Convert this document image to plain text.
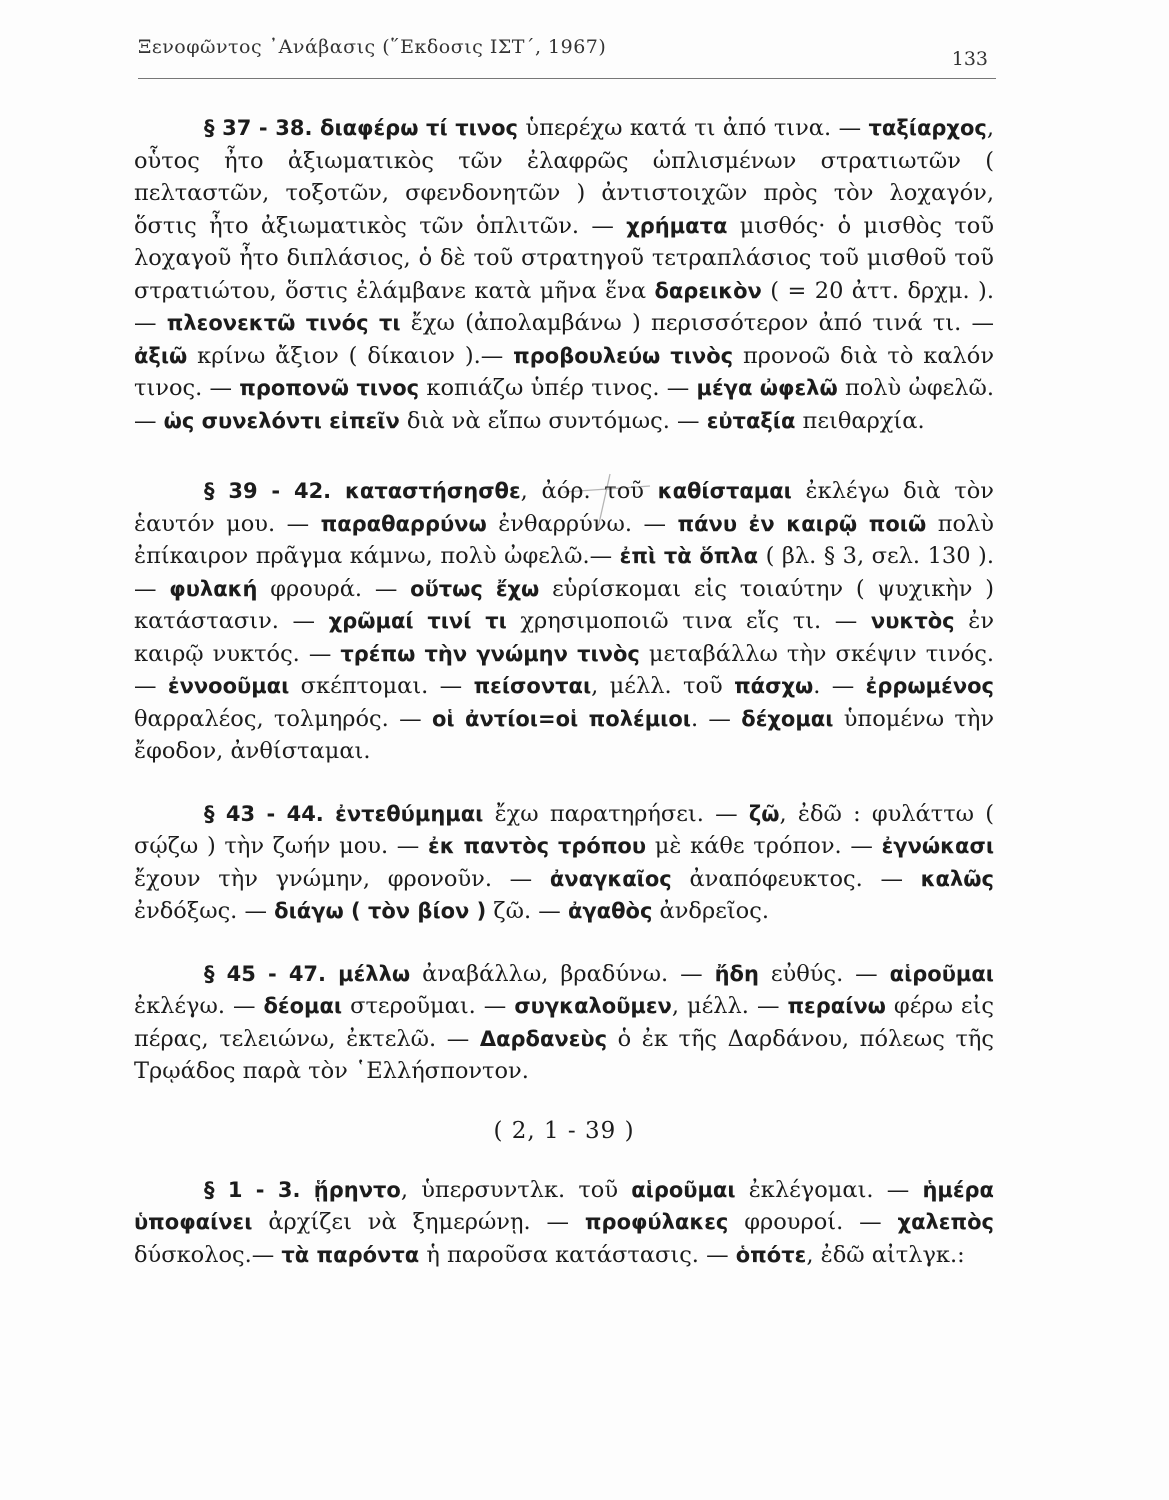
Ξενοφῶντος ᾿Ανάβασις (῞Εκδοσις ΙΣΤ΄, 1967)
133

§ 37 - 38. διαφέρω τί τινος ὑπερέχω κατά τι ἀπό τινα. — ταξίαρχος, οὗτος ἦτο ἀξιωματικὸς τῶν ἐλαφρῶς ὡπλισμένων στρατιωτῶν ( πελταστῶν, τοξοτῶν, σφενδονητῶν ) ἀντιστοιχῶν πρὸς τὸν λοχαγόν, ὅστις ἦτο ἀξιωματικὸς τῶν ὁπλιτῶν. — χρήματα μισθός· ὁ μισθὸς τοῦ λοχαγοῦ ἦτο διπλάσιος, ὁ δὲ τοῦ στρατηγοῦ τετραπλάσιος τοῦ μισθοῦ τοῦ στρατιώτου, ὅστις ἐλάμβανε κατὰ μῆνα ἕνα δαρεικὸν ( = 20 ἀττ. δρχμ. ). — πλεονεκτῶ τινός τι ἔχω (ἀπολαμβάνω ) περισσότερον ἀπό τινά τι. — ἀξιῶ κρίνω ἄξιον ( δίκαιον ).— προβουλεύω τινὸς προνοῶ διὰ τὸ καλόν τινος. — προπονῶ τινος κοπιάζω ὑπέρ τινος. — μέγα ὠφελῶ πολὺ ὠφελῶ. — ὡς συνελόντι εἰπεῖν διὰ νὰ εἴπω συντόμως. — εὐταξία πειθαρχία.

§ 39 - 42. καταστήσησθε, ἀόρ. τοῦ καθίσταμαι ἐκλέγω διὰ τὸν ἑαυτόν μου. — παραθαρρύνω ἐνθαρρύνω. — πάνυ ἐν καιρῷ ποιῶ πολὺ ἐπίκαιρον πρᾶγμα κάμνω, πολὺ ὠφελῶ.— ἐπὶ τὰ ὅπλα ( βλ. § 3, σελ. 130 ). — φυλακή φρουρά. — οὕτως ἔχω εὑρίσκομαι εἰς τοιαύτην ( ψυχικὴν ) κατάστασιν. — χρῶμαί τινί τι χρησιμοποιῶ τινα εἴς τι. — νυκτὸς ἐν καιρῷ νυκτός. — τρέπω τὴν γνώμην τινὸς μεταβάλλω τὴν σκέψιν τινός. — ἐννοοῦμαι σκέπτομαι. — πείσονται, μέλλ. τοῦ πάσχω. — ἐρρωμένος θαρραλέος, τολμηρός. — οἱ ἀντίοι=οἱ πολέμιοι. — δέχομαι ὑπομένω τὴν ἔφοδον, ἀνθίσταμαι.

§ 43 - 44. ἐντεθύμημαι ἔχω παρατηρήσει. — ζῶ, ἐδῶ : φυλάττω ( σῴζω ) τὴν ζωήν μου. — ἐκ παντὸς τρόπου μὲ κάθε τρόπον. — ἐγνώκασι ἔχουν τὴν γνώμην, φρονοῦν. — ἀναγκαῖος ἀναπόφευκτος. — καλῶς ἐνδόξως. — διάγω ( τὸν βίον ) ζῶ. — ἀγαθὸς ἀνδρεῖος.

§ 45 - 47. μέλλω ἀναβάλλω, βραδύνω. — ἤδη εὐθύς. — αἱροῦμαι ἐκλέγω. — δέομαι στεροῦμαι. — συγκαλοῦμεν, μέλλ. — περαίνω φέρω εἰς πέρας, τελειώνω, ἐκτελῶ. — Δαρδανεὺς ὁ ἐκ τῆς Δαρδάνου, πόλεως τῆς Τρῳάδος παρὰ τὸν ῾Ελλήσποντον.

( 2, 1 - 39 )

§ 1 - 3. ᾕρηντο, ὑπερσυντλκ. τοῦ αἱροῦμαι ἐκλέγομαι. — ἡμέρα ὑποφαίνει ἀρχίζει νὰ ξημερώνῃ. — προφύλακες φρουροί. — χαλεπὸς δύσκολος.— τὰ παρόντα ἡ παροῦσα κατάστασις. — ὁπότε, ἐδῶ αἰτλγκ.:
